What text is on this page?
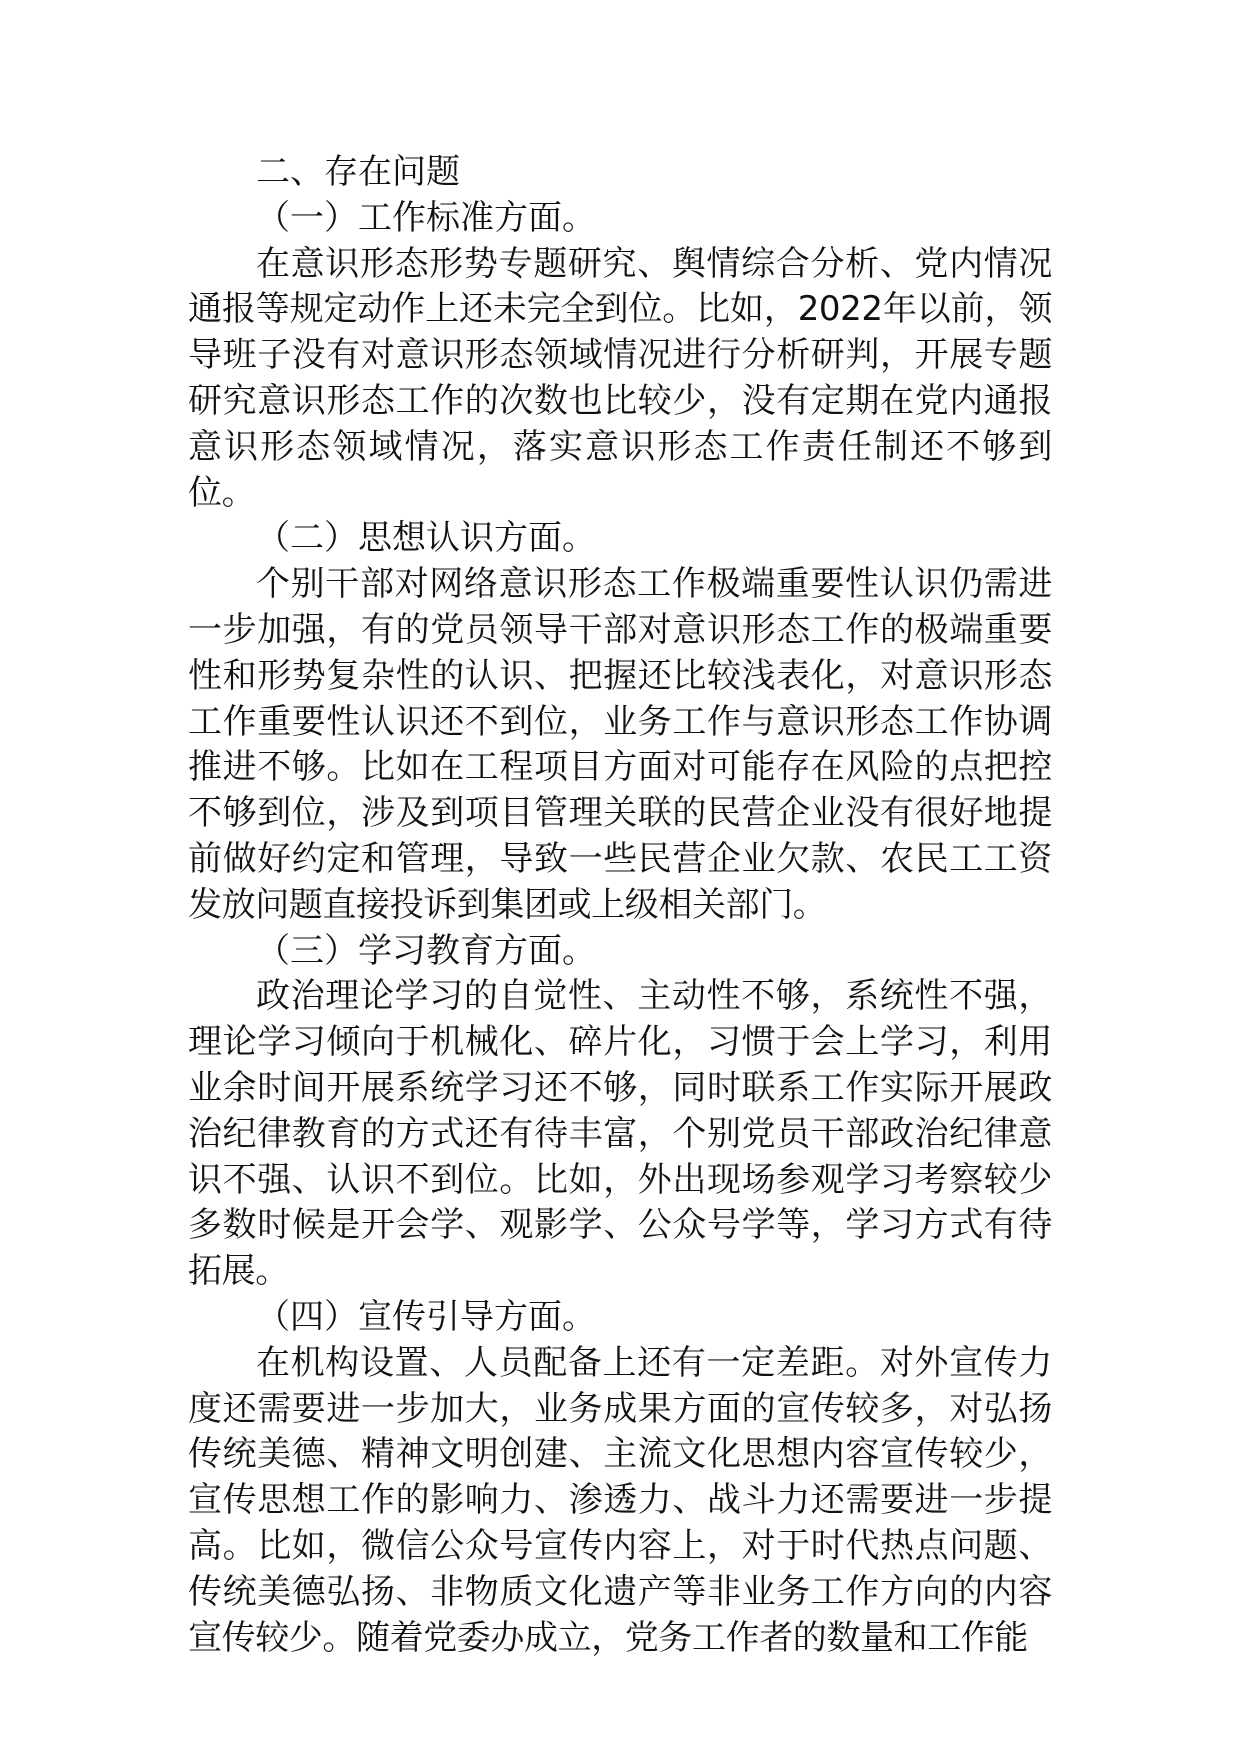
二、存在问题

（一）工作标准方面。

在意识形态形势专题研究、舆情综合分析、党内情况通报等规定动作上还未完全到位。比如，2022年以前，领导班子没有对意识形态领域情况进行分析研判，开展专题研究意识形态工作的次数也比较少，没有定期在党内通报意识形态领域情况，落实意识形态工作责任制还不够到位。

（二）思想认识方面。

个别干部对网络意识形态工作极端重要性认识仍需进一步加强，有的党员领导干部对意识形态工作的极端重要性和形势复杂性的认识、把握还比较浅表化，对意识形态工作重要性认识还不到位，业务工作与意识形态工作协调推进不够。比如在工程项目方面对可能存在风险的点把控不够到位，涉及到项目管理关联的民营企业没有很好地提前做好约定和管理，导致一些民营企业欠款、农民工工资发放问题直接投诉到集团或上级相关部门。

（三）学习教育方面。

政治理论学习的自觉性、主动性不够，系统性不强，理论学习倾向于机械化、碎片化，习惯于会上学习，利用业余时间开展系统学习还不够，同时联系工作实际开展政治纪律教育的方式还有待丰富，个别党员干部政治纪律意识不强、认识不到位。比如，外出现场参观学习考察较少多数时候是开会学、观影学、公众号学等，学习方式有待拓展。

（四）宣传引导方面。

在机构设置、人员配备上还有一定差距。对外宣传力度还需要进一步加大，业务成果方面的宣传较多，对弘扬传统美德、精神文明创建、主流文化思想内容宣传较少，宣传思想工作的影响力、渗透力、战斗力还需要进一步提高。比如，微信公众号宣传内容上，对于时代热点问题、传统美德弘扬、非物质文化遗产等非业务工作方向的内容宣传较少。随着党委办成立，党务工作者的数量和工作能
